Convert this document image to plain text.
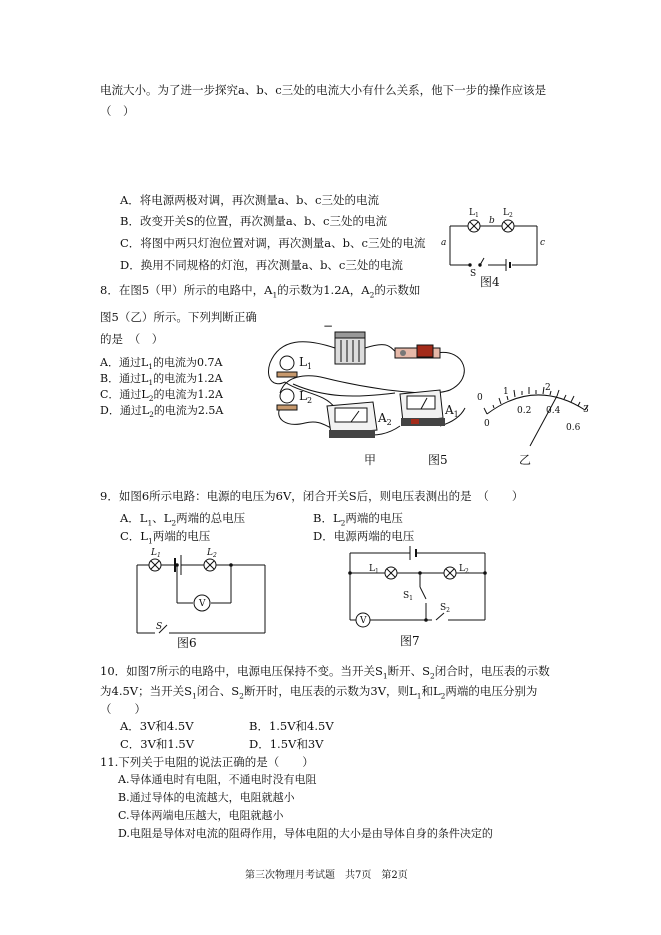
电流大小。为了进一步探究a、b、c三处的电流大小有什么关系，他下一步的操作应该是
（　）
A．将电源两极对调，再次测量a、b、c三处的电流
B．改变开关S的位置，再次测量a、b、c三处的电流
C．将图中两只灯泡位置对调，再次测量a、b、c三处的电流
D．换用不同规格的灯泡，再次测量a、b、c三处的电流
$L_1$	$L_2$
a
b
c
S
图4
8．在图5（甲）所示的电路中，$A_1$的示数为1.2A，$A_2$的示数如
图5（乙）所示。下列判断正确
的是　（　）
A．通过$L_1$的电流为0.7A
B．通过$L_1$的电流为1.2A
C．通过$L_2$的电流为1.2A
D．通过$L_2$的电流为2.5A
−
$L_1$
$L_2$
$A_2$
$A_1$
甲	图5
1	2
3
0
0
0.2 0.4
0.6
乙
9．如图6所示电路：电源的电压为6V，闭合开关S后，则电压表测出的是　（　　）
A．$L_1$、$L_2$两端的总电压	B．$L_2$两端的电压
C．$L_1$两端的电压	D．电源两端的电压
V
$L_1$	$L_2$
S
图6
V
$L_1$	$L_2$
$S_1$
$S_2$
图7
10．如图7所示的电路中，电源电压保持不变。当开关$S_1$断开、$S_2$闭合时，电压表的示数
为4.5V；当开关$S_1$闭合、$S_2$断开时，电压表的示数为3V，则$L_1$和$L_2$两端的电压分别为
（　　）
A．3V和4.5V	B．1.5V和4.5V
C．3V和1.5V	D．1.5V和3V
11.下列关于电阻的说法正确的是（　　）
A.导体通电时有电阻，不通电时没有电阻
B.通过导体的电流越大，电阻就越小
C.导体两端电压越大，电阻就越小
D.电阻是导体对电流的阻碍作用，导体电阻的大小是由导体自身的条件决定的
第三次物理月考试题　共7页　第2页
